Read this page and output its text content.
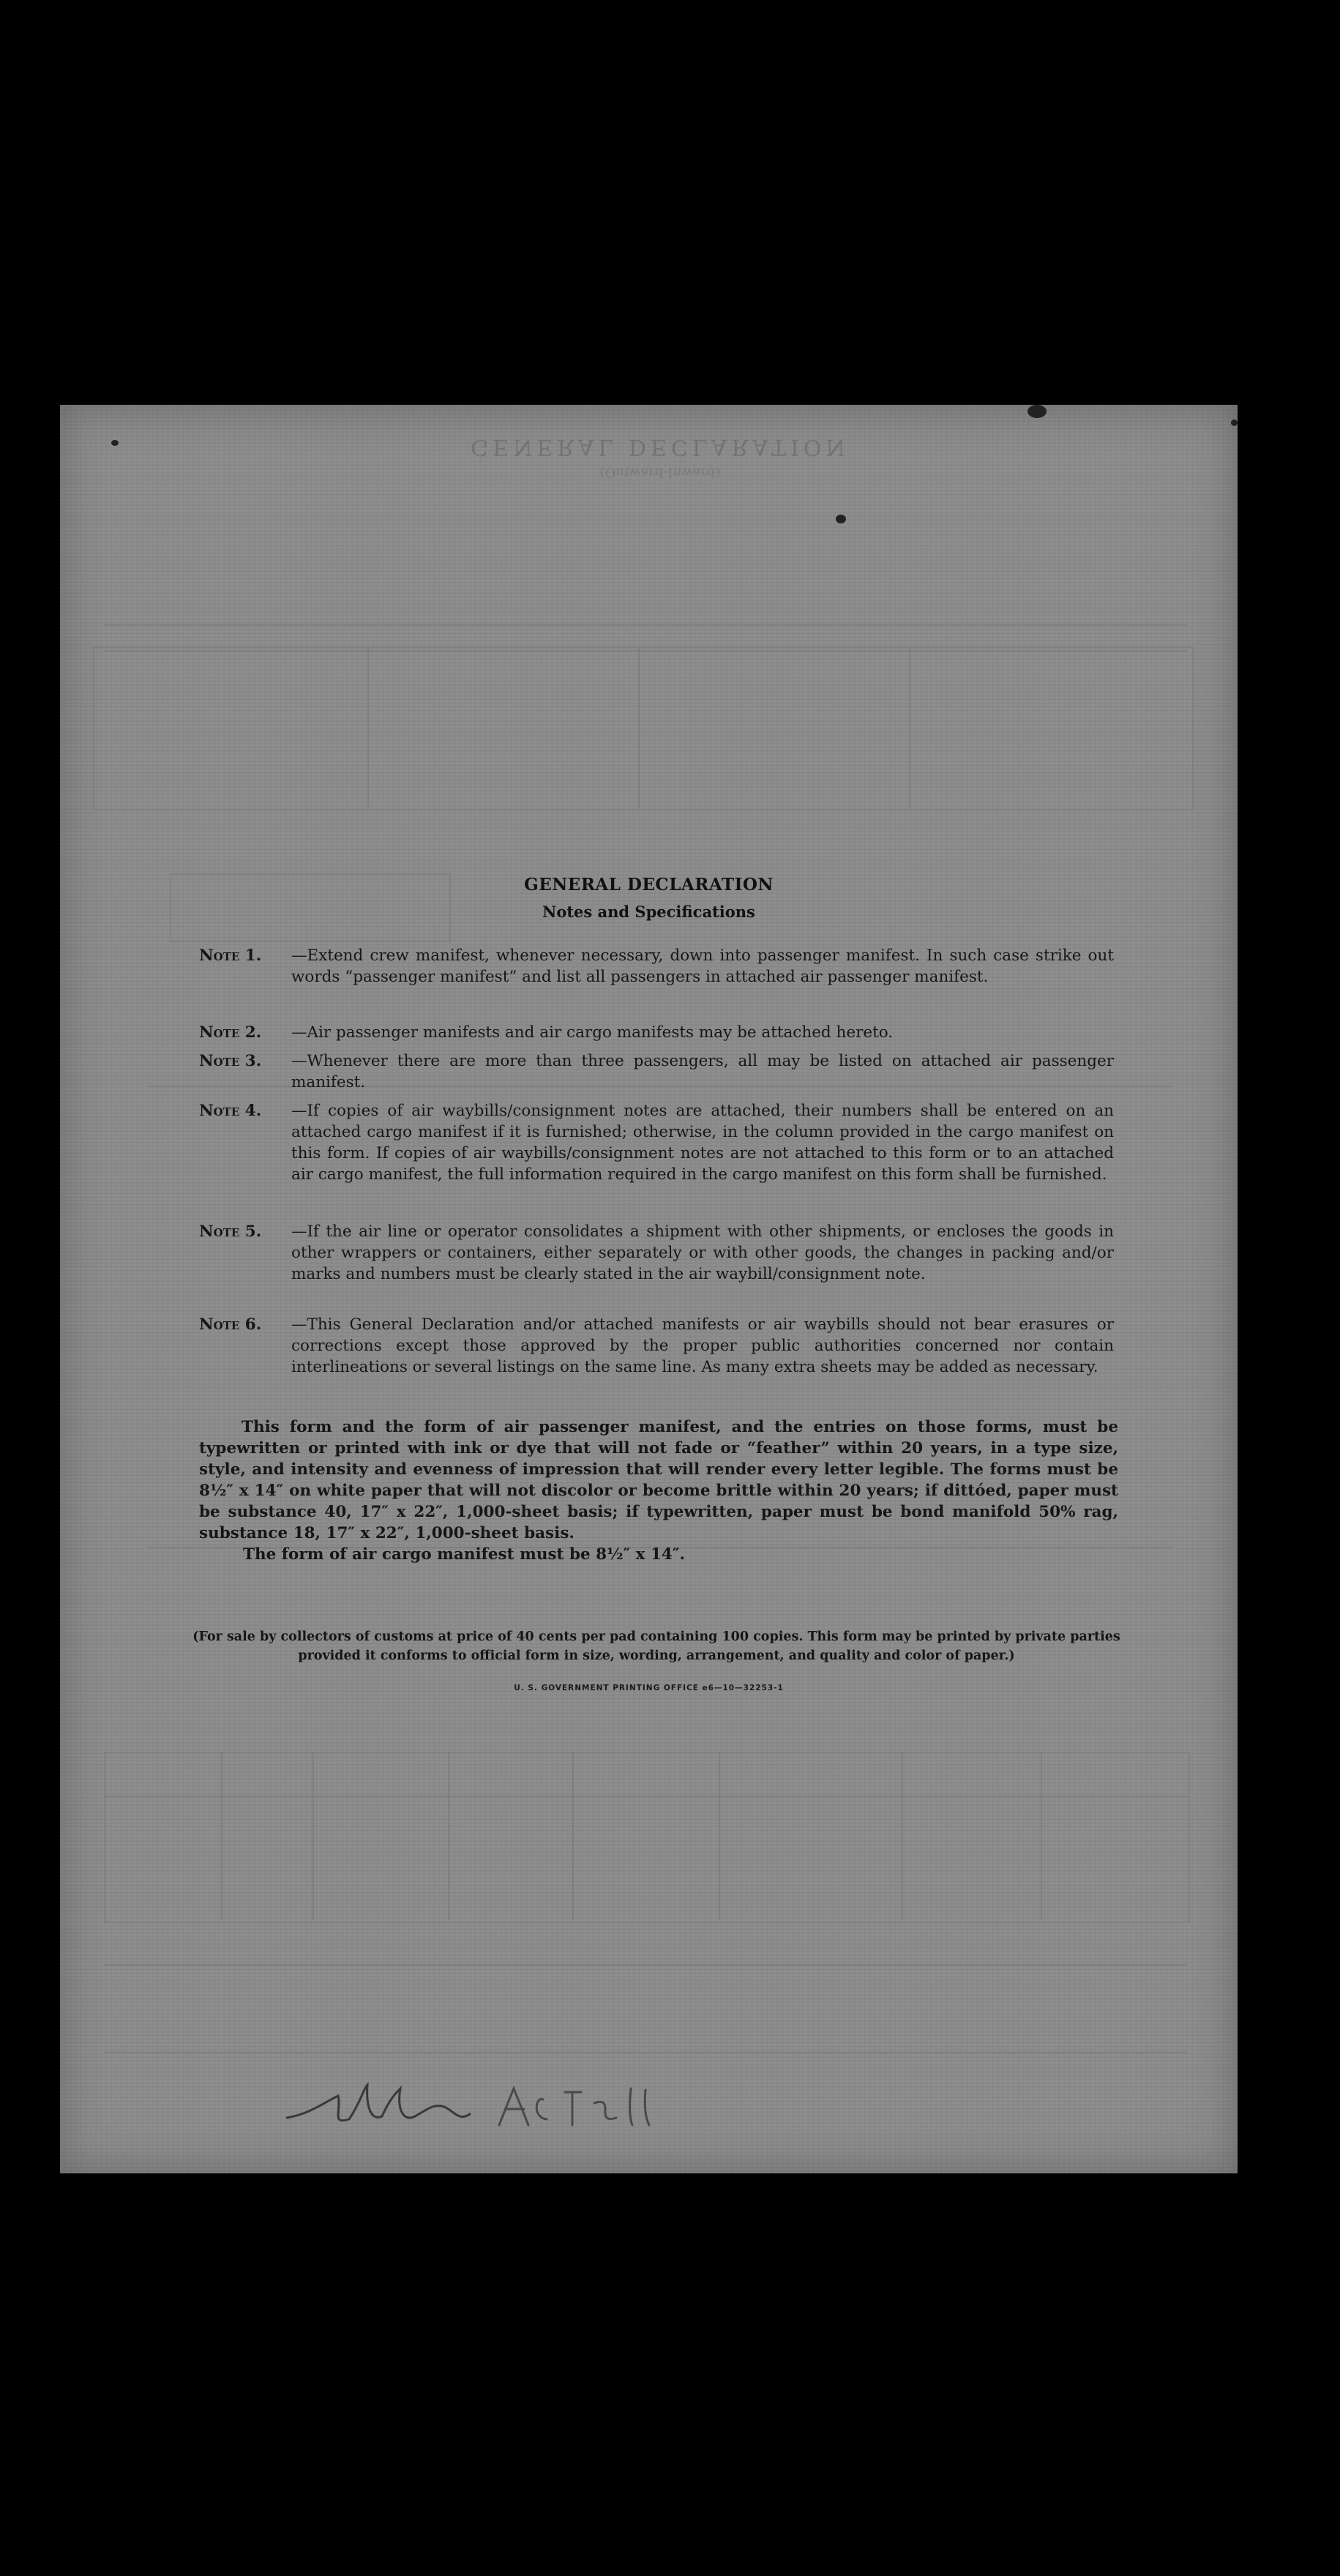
GENERAL DECLARATION
(Outward-Inward)
GENERAL DECLARATION
Notes and Specifications
Note 1.	—Extend crew manifest, whenever necessary, down into passenger manifest. In such case strike out words “passenger manifest” and list all passengers in attached air passenger manifest.
Note 2.	—Air passenger manifests and air cargo manifests may be attached hereto.
Note 3.	—Whenever there are more than three passengers, all may be listed on attached air passenger manifest.
Note 4.	—If copies of air waybills/consignment notes are attached, their numbers shall be entered on an attached cargo manifest if it is furnished; otherwise, in the column provided in the cargo manifest on this form. If copies of air waybills/consignment notes are not attached to this form or to an attached air cargo manifest, the full information required in the cargo manifest on this form shall be furnished.
Note 5.	—If the air line or operator consolidates a shipment with other shipments, or encloses the goods in other wrappers or containers, either separately or with other goods, the changes in packing and/or marks and numbers must be clearly stated in the air waybill/consignment note.
Note 6.	—This General Declaration and/or attached manifests or air waybills should not bear erasures or corrections except those approved by the proper public authorities concerned nor contain interlineations or several listings on the same line. As many extra sheets may be added as necessary.

This form and the form of air passenger manifest, and the entries on those forms, must be typewritten or printed with ink or dye that will not fade or “feather” within 20 years, in a type size, style, and intensity and evenness of impression that will render every letter legible. The forms must be 8½″ x 14″ on white paper that will not discolor or become brittle within 20 years; if dittóed, paper must be substance 40, 17″ x 22″, 1,000-sheet basis; if typewritten, paper must be bond manifold 50% rag, substance 18, 17″ x 22″, 1,000-sheet basis.

The form of air cargo manifest must be 8½″ x 14″.

(For sale by collectors of customs at price of 40 cents per pad containing 100 copies. This form may be printed by private parties provided it conforms to official form in size, wording, arrangement, and quality and color of paper.)
U. S. GOVERNMENT PRINTING OFFICE e6—10—32253-1
